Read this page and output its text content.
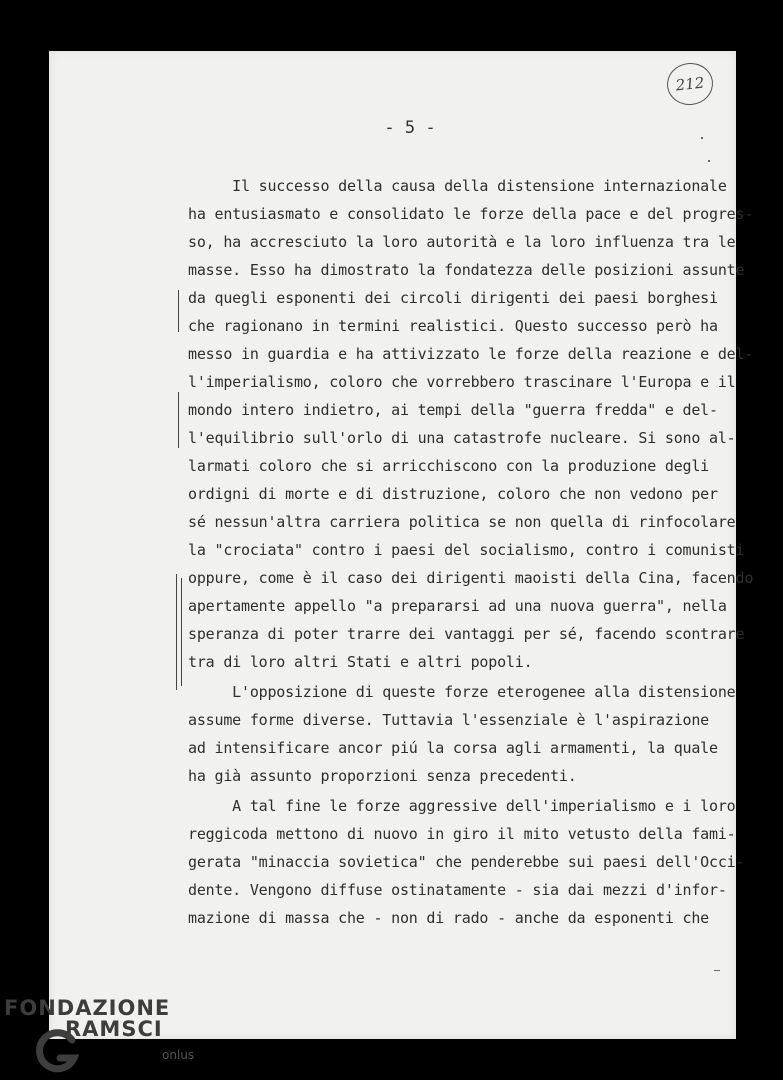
212
- 5 -
Il successo della causa della distensione internazionale
ha entusiasmato e consolidato le forze della pace e del progres-
so, ha accresciuto la loro autorità e la loro influenza tra le
masse. Esso ha dimostrato la fondatezza delle posizioni assunte
da quegli esponenti dei circoli dirigenti dei paesi borghesi
che ragionano in termini realistici. Questo successo però ha
messo in guardia e ha attivizzato le forze della reazione e del-
l'imperialismo, coloro che vorrebbero trascinare l'Europa e il
mondo intero indietro, ai tempi della "guerra fredda" e del-
l'equilibrio sull'orlo di una catastrofe nucleare. Si sono al-
larmati coloro che si arricchiscono con la produzione degli
ordigni di morte e di distruzione, coloro che non vedono per
sé nessun'altra carriera politica se non quella di rinfocolare
la "crociata" contro i paesi del socialismo, contro i comunisti
oppure, come è il caso dei dirigenti maoisti della Cina, facendo
apertamente appello "a prepararsi ad una nuova guerra", nella
speranza di poter trarre dei vantaggi per sé, facendo scontrare
tra di loro altri Stati e altri popoli.
L'opposizione di queste forze eterogenee alla distensione
assume forme diverse. Tuttavia l'essenziale è l'aspirazione
ad intensificare ancor piú la corsa agli armamenti, la quale
ha già assunto proporzioni senza precedenti.
A tal fine le forze aggressive dell'imperialismo e i loro
reggicoda mettono di nuovo in giro il mito vetusto della fami-
gerata "minaccia sovietica" che penderebbe sui paesi dell'Occi-
dente. Vengono diffuse ostinatamente - sia dai mezzi d'infor-
mazione di massa che - non di rado - anche da esponenti che
FONDAZIONE
RAMSCI
onlus
